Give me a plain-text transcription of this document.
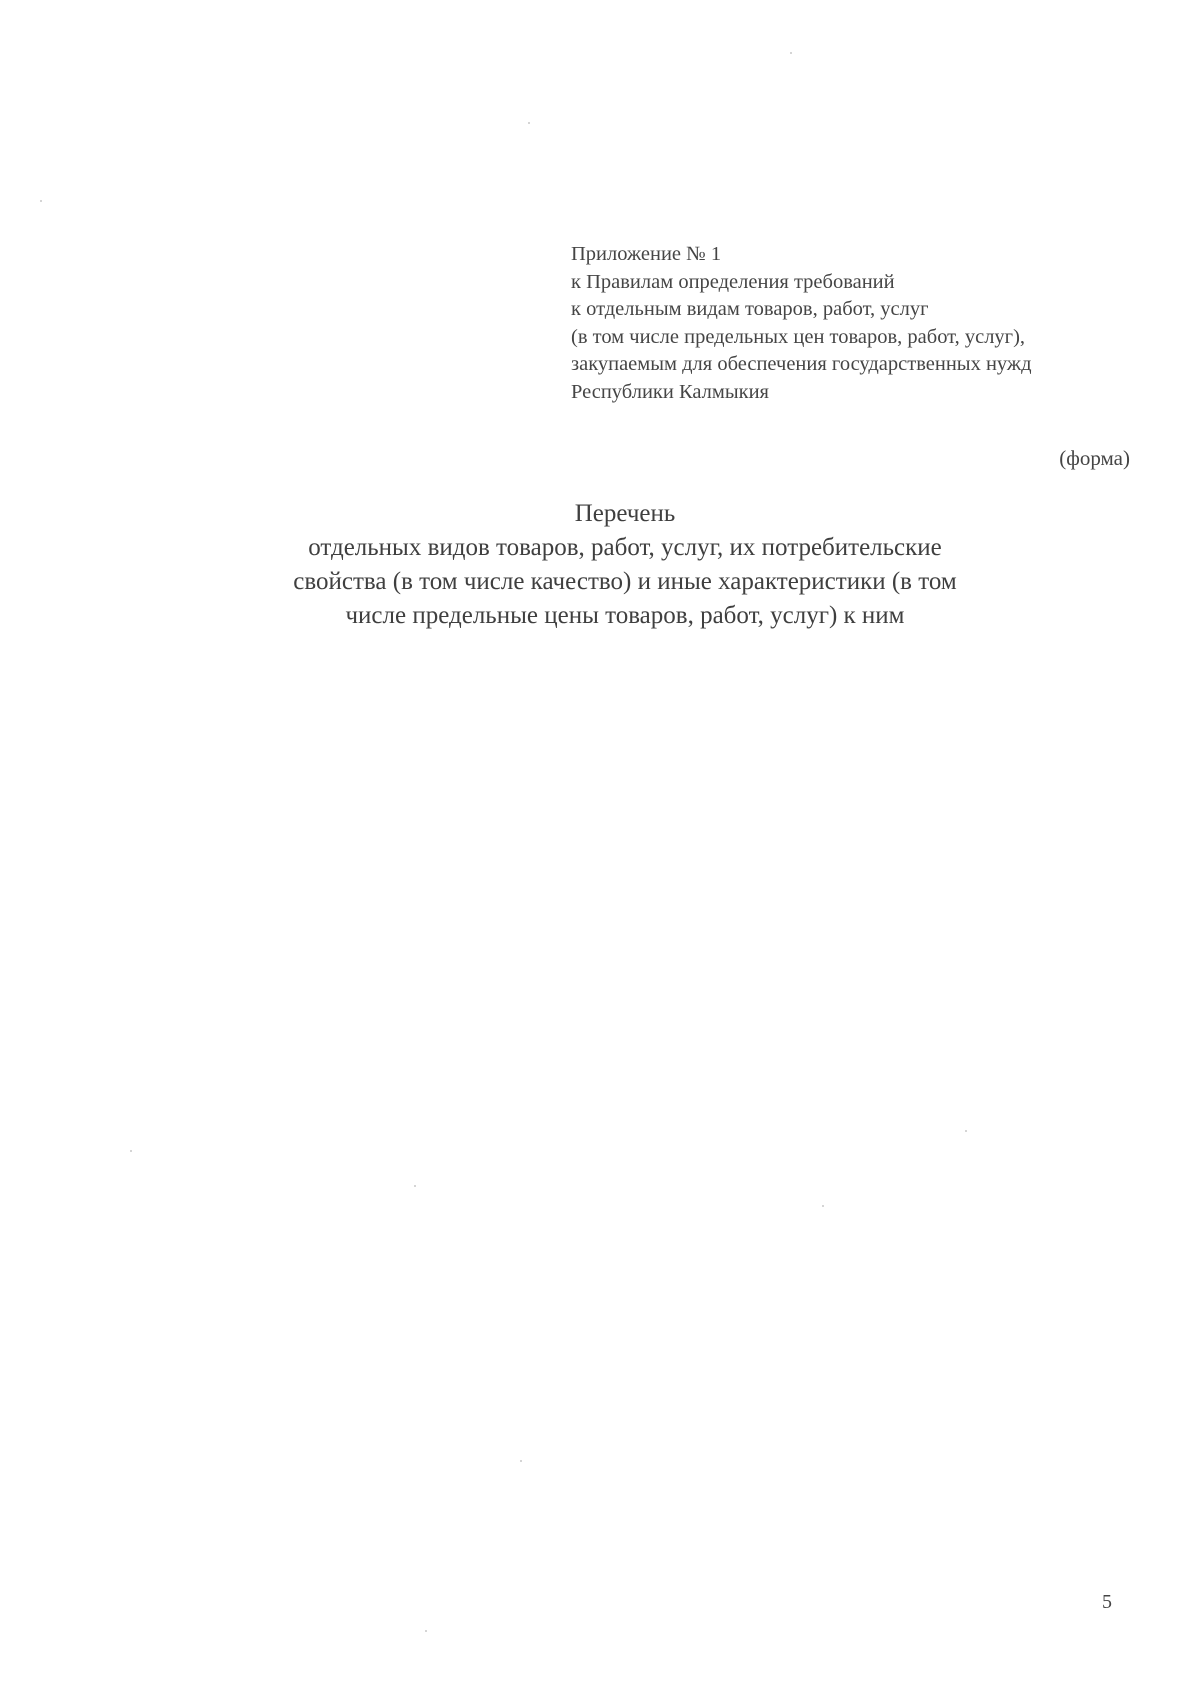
Приложение № 1
к Правилам определения требований
к отдельным видам товаров, работ, услуг
(в том числе предельных цен товаров, работ, услуг),
закупаемым для обеспечения государственных нужд
Республики Калмыкия
(форма)
Перечень
отдельных видов товаров, работ, услуг, их потребительские
свойства (в том числе качество) и иные характеристики (в том
числе предельные цены товаров, работ, услуг) к ним
5
